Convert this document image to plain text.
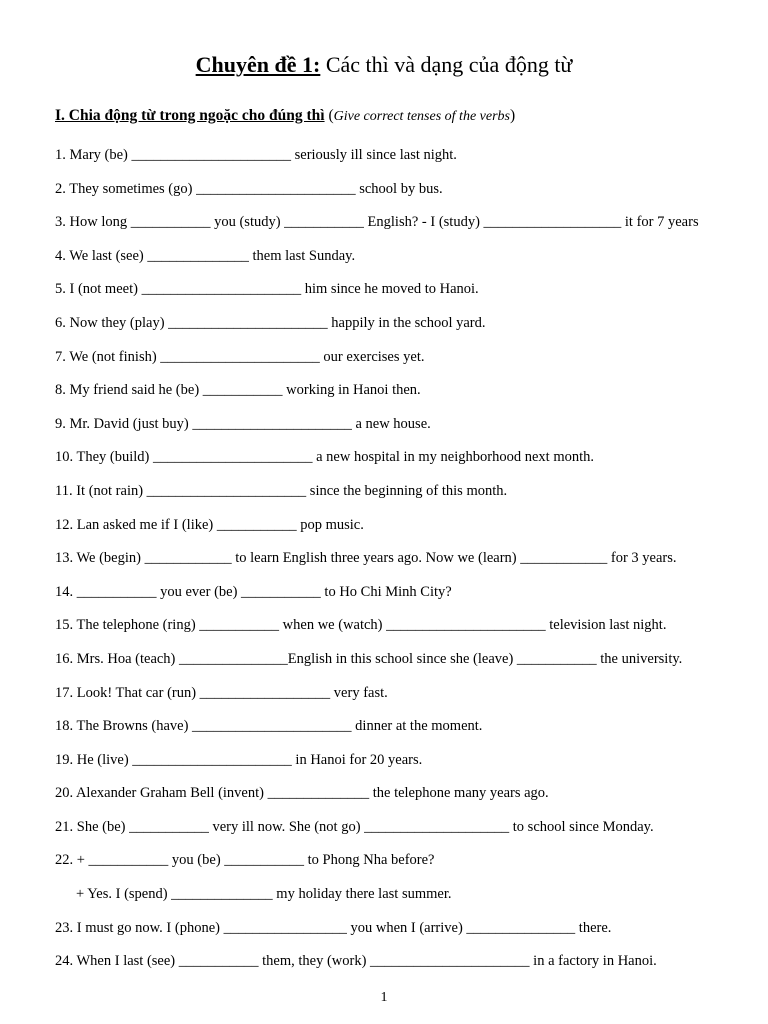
Chuyên đề 1: Các thì và dạng của động từ
I. Chia động từ trong ngoặc cho đúng thì (Give correct tenses of the verbs)
1. Mary (be) ______________________ seriously ill since last night.
2. They sometimes (go) ______________________ school by bus.
3. How long ___________ you (study) ___________ English? - I (study) ___________________ it for 7 years
4. We last (see) ______________ them last Sunday.
5. I (not meet) ______________________ him since he moved to Hanoi.
6. Now they (play) ______________________ happily in the school yard.
7. We (not finish) ______________________ our exercises yet.
8. My friend said he (be) ___________ working in Hanoi then.
9. Mr. David (just buy) ______________________ a new house.
10. They (build) ______________________ a new hospital in my neighborhood next month.
11. It (not rain) ______________________ since the beginning of this month.
12. Lan asked me if I (like) ___________ pop music.
13. We (begin) ____________ to learn English three years ago. Now we (learn) ____________ for 3 years.
14. ___________ you ever (be) ___________ to Ho Chi Minh City?
15. The telephone (ring) ___________ when we (watch) ______________________ television last night.
16. Mrs. Hoa (teach) _______________English in this school since she (leave) ___________ the university.
17. Look! That car (run) __________________ very fast.
18. The Browns (have) ______________________ dinner at the moment.
19. He (live) ______________________ in Hanoi for 20 years.
20. Alexander Graham Bell (invent) ______________ the telephone many years ago.
21. She (be) ___________ very ill now. She (not go) ____________________ to school since Monday.
22. + ___________ you (be) ___________ to Phong Nha before?
+ Yes. I (spend) ______________ my holiday there last summer.
23. I must go now. I (phone) _________________ you when I (arrive) _______________ there.
24. When I last (see) ___________ them, they (work) ______________________ in a factory in Hanoi.
1
